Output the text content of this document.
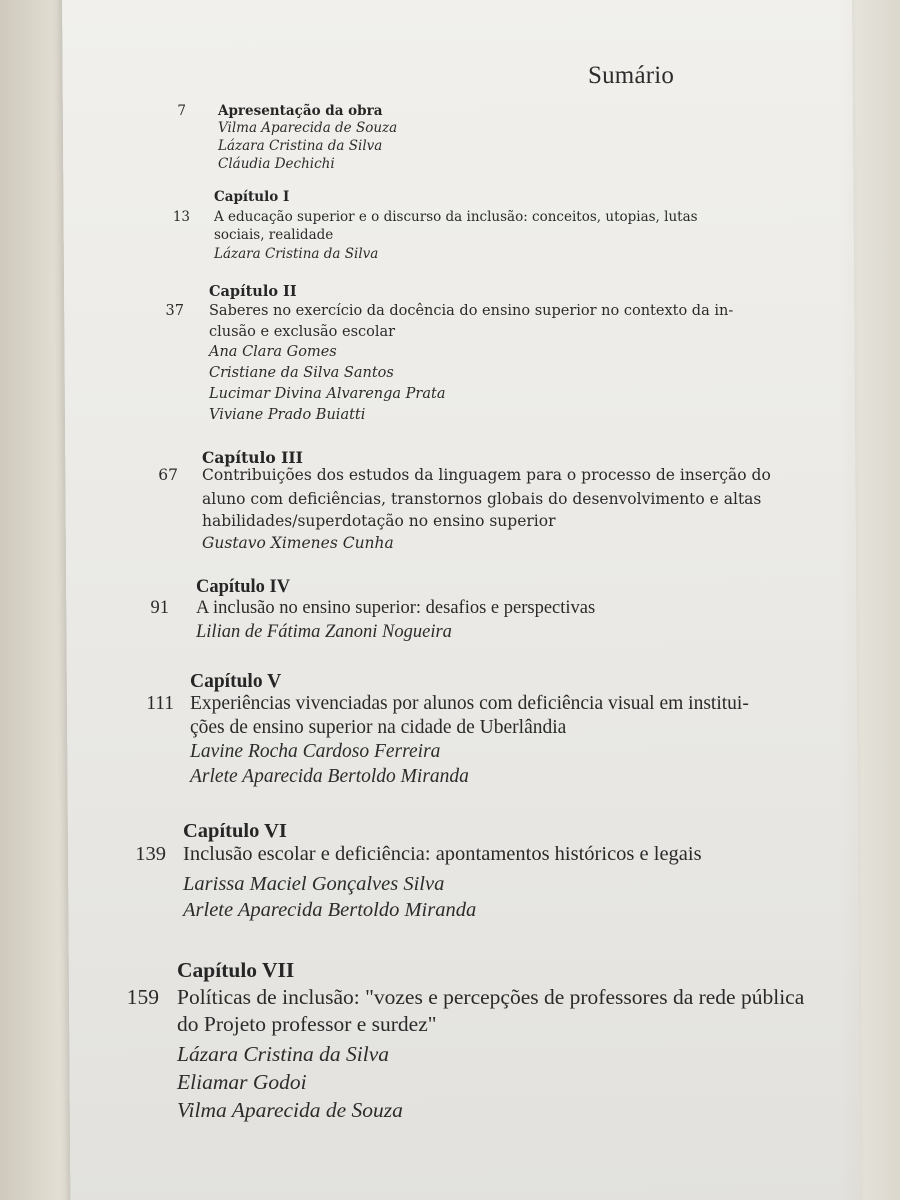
Sumário
Apresentação da obra
7
Vilma Aparecida de Souza
Lázara Cristina da Silva
Cláudia Dechichi
Capítulo I
13 A educação superior e o discurso da inclusão: conceitos, utopias, lutas
sociais, realidade
Lázara Cristina da Silva
Capítulo II
37 Saberes no exercício da docência do ensino superior no contexto da in-
clusão e exclusão escolar
Ana Clara Gomes
Cristiane da Silva Santos
Lucimar Divina Alvarenga Prata
Viviane Prado Buiatti
Capítulo III
67 Contribuições dos estudos da linguagem para o processo de inserção do
aluno com deficiências, transtornos globais do desenvolvimento e altas
habilidades/superdotação no ensino superior
Gustavo Ximenes Cunha
Capítulo IV
91 A inclusão no ensino superior: desafios e perspectivas
Lilian de Fátima Zanoni Nogueira
Capítulo V
111 Experiências vivenciadas por alunos com deficiência visual em instituі-
ções de ensino superior na cidade de Uberlândia
Lavine Rocha Cardoso Ferreira
Arlete Aparecida Bertoldo Miranda
Capítulo VI
139 Inclusão escolar e deficiência: apontamentos históricos e legais
Larissa Maciel Gonçalves Silva
Arlete Aparecida Bertoldo Miranda
Capítulo VII
159 Políticas de inclusão: "vozes e percepções de professores da rede pública
do Projeto professor e surdez"
Lázara Cristina da Silva
Eliamar Godoi
Vilma Aparecida de Souza
